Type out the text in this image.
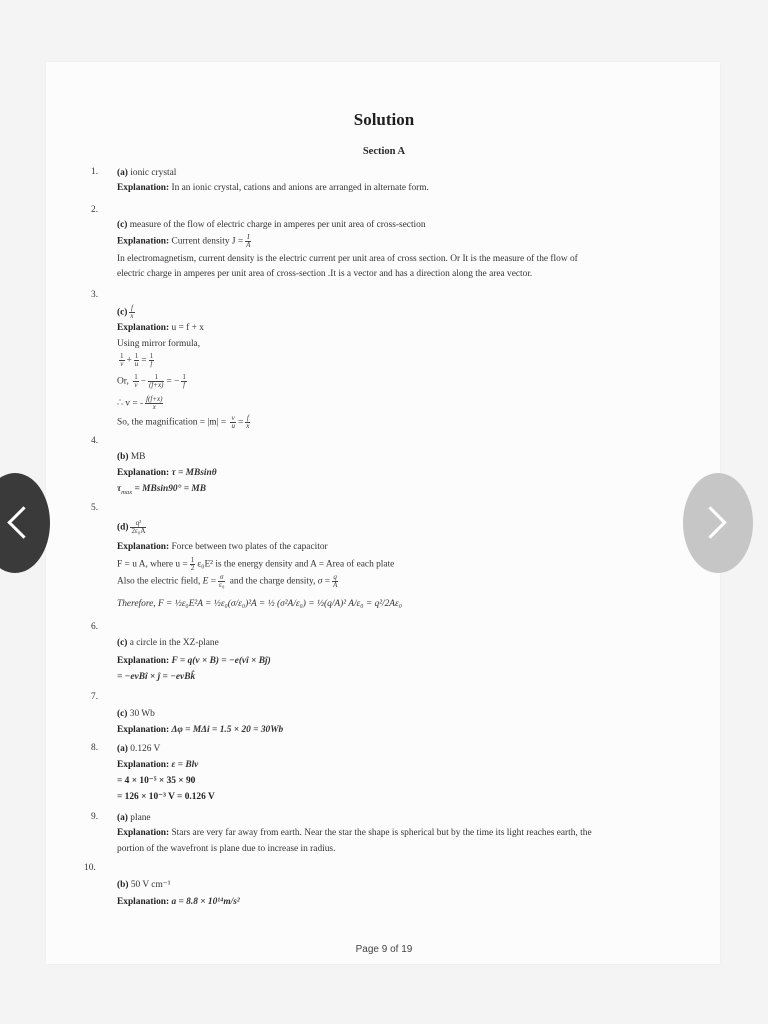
Solution
Section A
1. (a) ionic crystal
Explanation: In an ionic crystal, cations and anions are arranged in alternate form.
2.
(c) measure of the flow of electric charge in amperes per unit area of cross-section
Explanation: Current density $J = \frac{I}{A}$
In electromagnetism, current density is the electric current per unit area of cross section. Or It is the measure of the flow of
electric charge in amperes per unit area of cross-section .It is a vector and has a direction along the area vector.
3.
$(c) \frac{f}{x}$
Explanation: u = f + x
Using mirror formula,
$\frac{1}{v} + \frac{1}{u} = \frac{1}{f}$
Or, $\frac{1}{v} - \frac{1}{(f+x)}$ = − $\frac{1}{f}$
∴ v = - $\frac{f(f+x)}{x}$
So, the magnification = $|m| = \frac{v}{u} = \frac{f}{x}$
4.
(b) MB
Explanation: τ = MBsinθ
$\tau_{max} = MBsin90^\circ$ = MB
5.
$(d) \frac{\text{q²}}{\text{2ε₀A}}$
Explanation: Force between two plates of the capacitor
F = u A, where $u = \frac{1}{2} \varepsilon_0E^2$ is the energy density and A = Area of each plate
Also the electric field, $E = \frac{\sigma}{\text{ε₀}}$ and the charge density, $\sigma = \frac{q}{A}$
Therefore, F = ½ε₀E²A = ½ε₀(σ/ε₀)²A = ½ (σ²A/ε₀) = ½(q/A)² A/ε₀ = q²/2Aε₀
6.
(c) a circle in the XZ-plane
Explanation: F = q(v × B) = −e(vî × Bĵ)
= −evBî × ĵ = −evBk̂
7.
(c) 30 Wb
Explanation: Δφ = MΔi = 1.5 × 20 = 30Wb
8. (a) 0.126 V
Explanation: ε = Blv
= 4 × 10⁻⁵ × 35 × 90
= 126 × 10⁻³ V = 0.126 V
9. (a) plane
Explanation: Stars are very far away from earth. Near the star the shape is spherical but by the time its light reaches earth, the
portion of the wavefront is plane due to increase in radius.
10.
(b) 50 V cm⁻¹
Explanation: a = 8.8 × 10¹⁴m/s²
Page 9 of 19
